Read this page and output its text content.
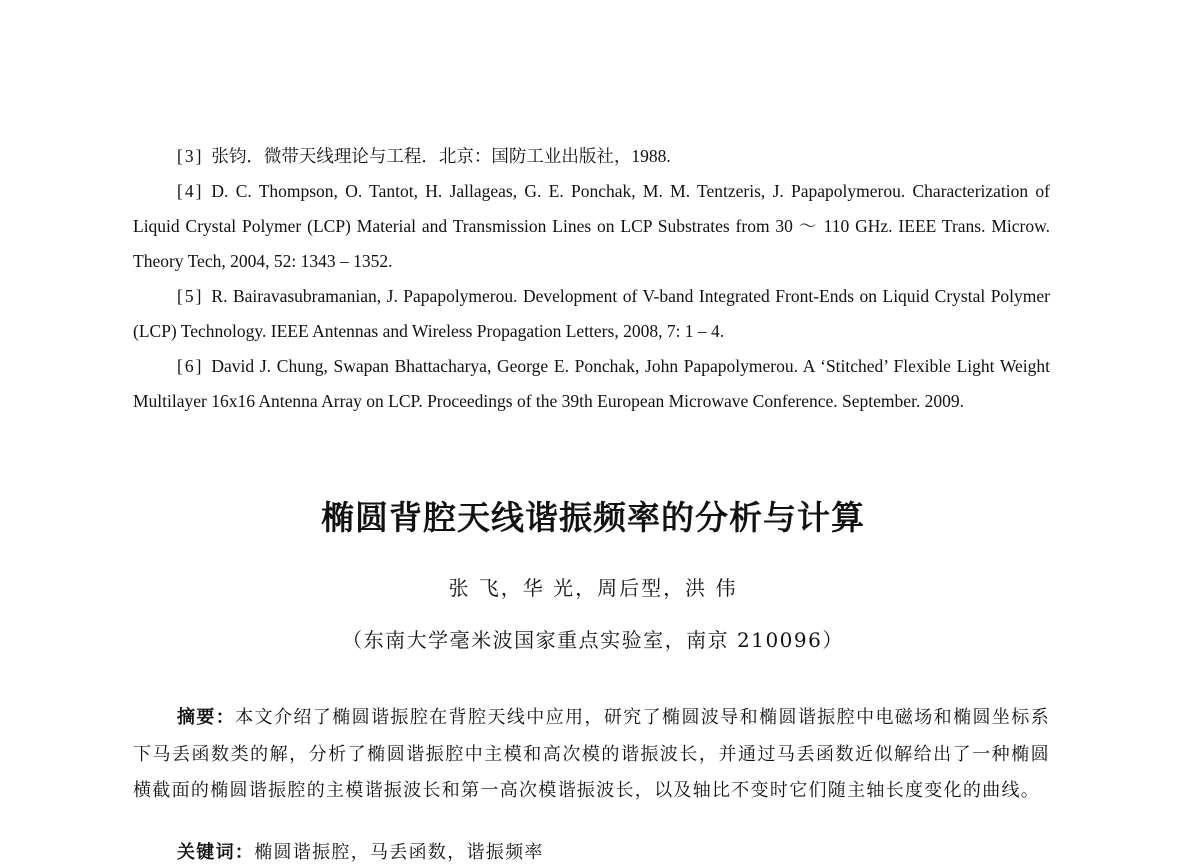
[3] 张钧．微带天线理论与工程．北京：国防工业出版社，1988.

[4] D. C. Thompson, O. Tantot, H. Jallageas, G. E. Ponchak, M. M. Tentzeris, J. Papapolymerou. Characterization of Liquid Crystal Polymer (LCP) Material and Transmission Lines on LCP Substrates from 30 ～ 110 GHz. IEEE Trans. Microw. Theory Tech, 2004, 52: 1343 – 1352.

[5] R. Bairavasubramanian, J. Papapolymerou. Development of V-band Integrated Front-Ends on Liquid Crystal Polymer (LCP) Technology. IEEE Antennas and Wireless Propagation Letters, 2008, 7: 1 – 4.

[6] David J. Chung, Swapan Bhattacharya, George E. Ponchak, John Papapolymerou. A ‘Stitched’ Flexible Light Weight Multilayer 16x16 Antenna Array on LCP. Proceedings of the 39th European Microwave Conference. September. 2009.

椭圆背腔天线谐振频率的分析与计算
张 飞，华 光，周后型，洪 伟
（东南大学毫米波国家重点实验室，南京 210096）

摘要：本文介绍了椭圆谐振腔在背腔天线中应用，研究了椭圆波导和椭圆谐振腔中电磁场和椭圆坐标系下马丢函数类的解，分析了椭圆谐振腔中主模和高次模的谐振波长，并通过马丢函数近似解给出了一种椭圆横截面的椭圆谐振腔的主模谐振波长和第一高次模谐振波长，以及轴比不变时它们随主轴长度变化的曲线。

关键词：椭圆谐振腔，马丢函数，谐振频率
